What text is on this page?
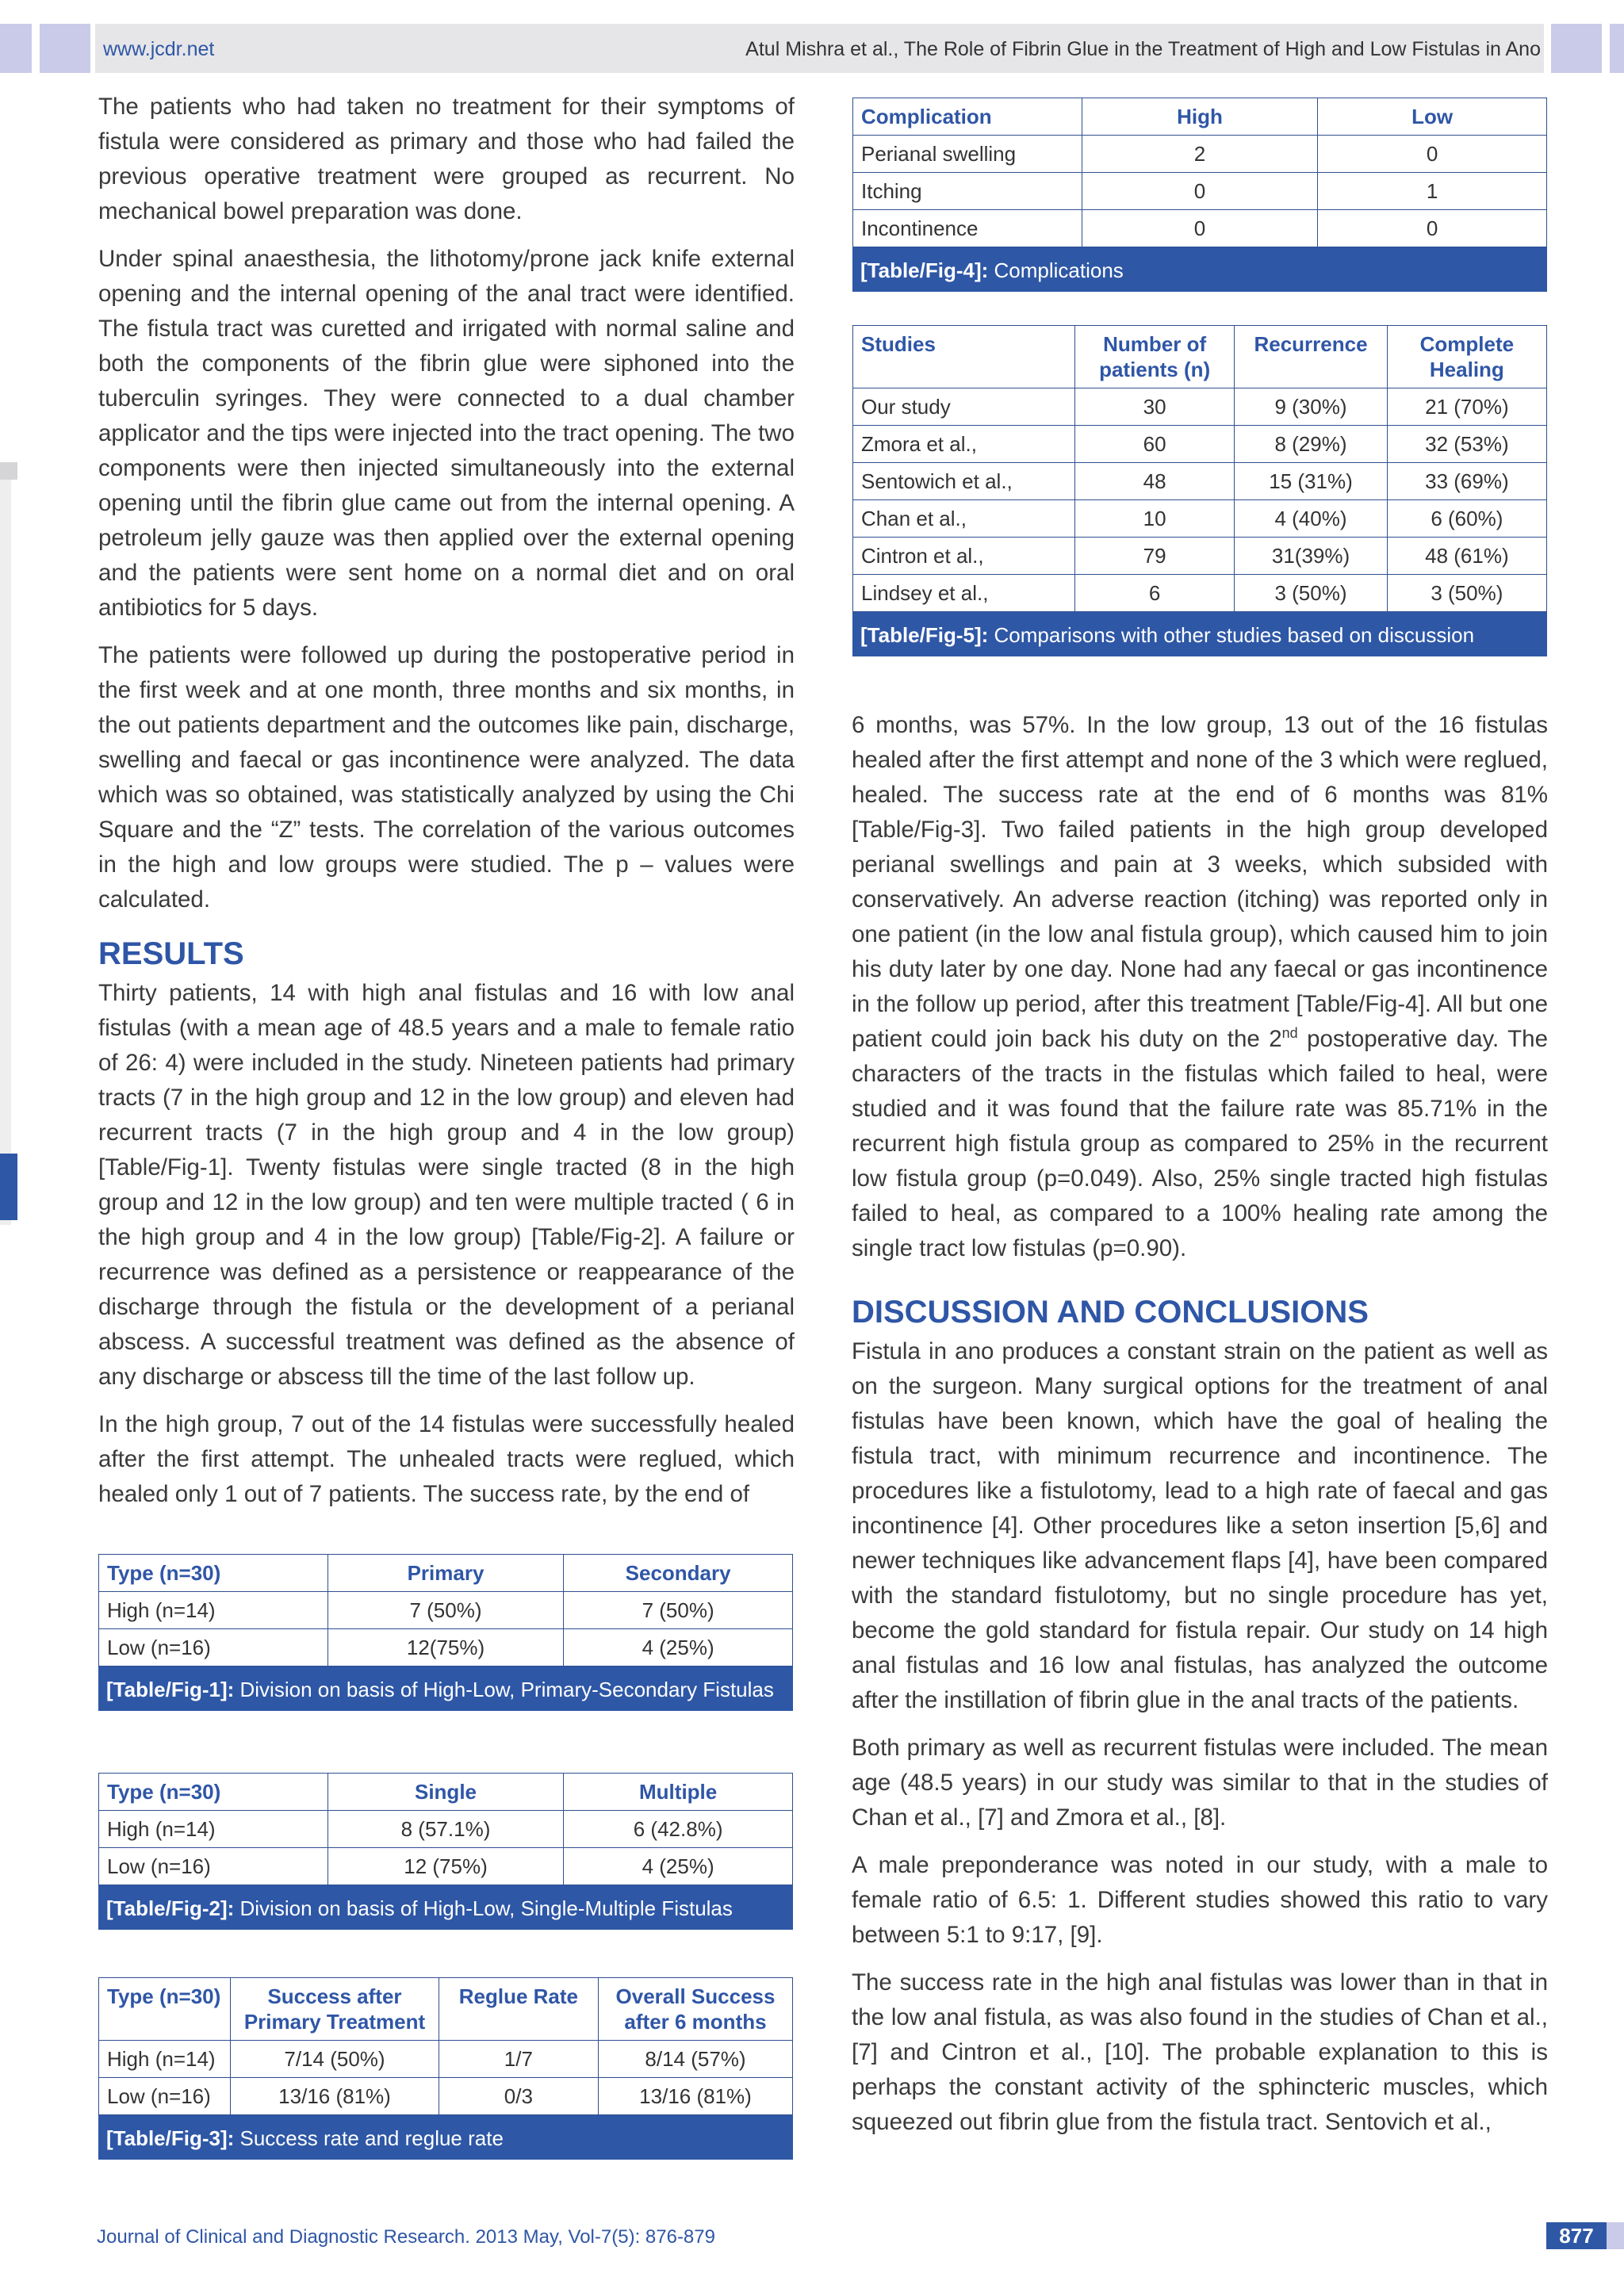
www.jcdr.net	Atul Mishra et al., The Role of Fibrin Glue in the Treatment of High and Low Fistulas in Ano

The patients who had taken no treatment for their symptoms of fistula were considered as primary and those who had failed the previous operative treatment were grouped as recurrent. No mechanical bowel preparation was done.

Under spinal anaesthesia, the lithotomy/prone jack knife external opening and the internal opening of the anal tract were identified. The fistula tract was curetted and irrigated with normal saline and both the components of the fibrin glue were siphoned into the tuberculin syringes. They were connected to a dual chamber applicator and the tips were injected into the tract opening. The two components were then injected simultaneously into the external opening until the fibrin glue came out from the internal opening. A petroleum jelly gauze was then applied over the external opening and the patients were sent home on a normal diet and on oral antibiotics for 5 days.

The patients were followed up during the postoperative period in the first week and at one month, three months and six months, in the out patients department and the outcomes like pain, discharge, swelling and faecal or gas incontinence were analyzed. The data which was so obtained, was statistically analyzed by using the Chi Square and the “Z” tests. The correlation of the various outcomes in the high and low groups were studied. The p – values were calculated.

RESULTS

Thirty patients, 14 with high anal fistulas and 16 with low anal fistulas (with a mean age of 48.5 years and a male to female ratio of 26: 4) were included in the study. Nineteen patients had primary tracts (7 in the high group and 12 in the low group) and eleven had recurrent tracts (7 in the high group and 4 in the low group) [Table/Fig-1]. Twenty fistulas were single tracted (8 in the high group and 12 in the low group) and ten were multiple tracted ( 6 in the high group and 4 in the low group) [Table/Fig-2]. A failure or recurrence was defined as a persistence or reappearance of the discharge through the fistula or the development of a perianal abscess. A successful treatment was defined as the absence of any discharge or abscess till the time of the last follow up.

In the high group, 7 out of the 14 fistulas were successfully healed after the first attempt. The unhealed tracts were reglued, which healed only 1 out of 7 patients. The success rate, by the end of

Type (n=30)	Primary	Secondary
High (n=14)	7 (50%)	7 (50%)
Low (n=16)	12(75%)	4 (25%)
[Table/Fig-1]: Division on basis of High-Low, Primary-Secondary Fistulas
Type (n=30)	Single	Multiple
High (n=14)	8 (57.1%)	6 (42.8%)
Low (n=16)	12 (75%)	4 (25%)
[Table/Fig-2]: Division on basis of High-Low, Single-Multiple Fistulas
Type (n=30)	Success after Primary Treatment	Reglue Rate	Overall Success after 6 months
High (n=14)	7/14 (50%)	1/7	8/14 (57%)
Low (n=16)	13/16 (81%)	0/3	13/16 (81%)
[Table/Fig-3]: Success rate and reglue rate
Complication	High	Low
Perianal swelling	2	0
Itching	0	1
Incontinence	0	0
[Table/Fig-4]: Complications
Studies	Number of patients (n)	Recurrence	Complete Healing
Our study	30	9 (30%)	21 (70%)
Zmora et al.,	60	8 (29%)	32 (53%)
Sentowich et al.,	48	15 (31%)	33 (69%)
Chan et al.,	10	4 (40%)	6 (60%)
Cintron et al.,	79	31(39%)	48 (61%)
Lindsey et al.,	6	3 (50%)	3 (50%)
[Table/Fig-5]: Comparisons with other studies based on discussion

6 months, was 57%. In the low group, 13 out of the 16 fistulas healed after the first attempt and none of the 3 which were reglued, healed. The success rate at the end of 6 months was 81% [Table/Fig-3]. Two failed patients in the high group developed perianal swellings and pain at 3 weeks, which subsided with conservatively. An adverse reaction (itching) was reported only in one patient (in the low anal fistula group), which caused him to join his duty later by one day. None had any faecal or gas incontinence in the follow up period, after this treatment [Table/Fig-4]. All but one patient could join back his duty on the 2nd postoperative day. The characters of the tracts in the fistulas which failed to heal, were studied and it was found that the failure rate was 85.71% in the recurrent high fistula group as compared to 25% in the recurrent low fistula group (p=0.049). Also, 25% single tracted high fistulas failed to heal, as compared to a 100% healing rate among the single tract low fistulas (p=0.90).

DISCUSSION AND CONCLUSIONS

Fistula in ano produces a constant strain on the patient as well as on the surgeon. Many surgical options for the treatment of anal fistulas have been known, which have the goal of healing the fistula tract, with minimum recurrence and incontinence. The procedures like a fistulotomy, lead to a high rate of faecal and gas incontinence [4]. Other procedures like a seton insertion [5,6] and newer techniques like advancement flaps [4], have been compared with the standard fistulotomy, but no single procedure has yet, become the gold standard for fistula repair. Our study on 14 high anal fistulas and 16 low anal fistulas, has analyzed the outcome after the instillation of fibrin glue in the anal tracts of the patients.

Both primary as well as recurrent fistulas were included. The mean age (48.5 years) in our study was similar to that in the studies of Chan et al., [7] and Zmora et al., [8].

A male preponderance was noted in our study, with a male to female ratio of 6.5: 1. Different studies showed this ratio to vary between 5:1 to 9:17, [9].

The success rate in the high anal fistulas was lower than in that in the low anal fistula, as was also found in the studies of Chan et al., [7] and Cintron et al., [10]. The probable explanation to this is perhaps the constant activity of the sphincteric muscles, which squeezed out fibrin glue from the fistula tract. Sentovich et al.,

Journal of Clinical and Diagnostic Research. 2013 May, Vol-7(5): 876-879	877
